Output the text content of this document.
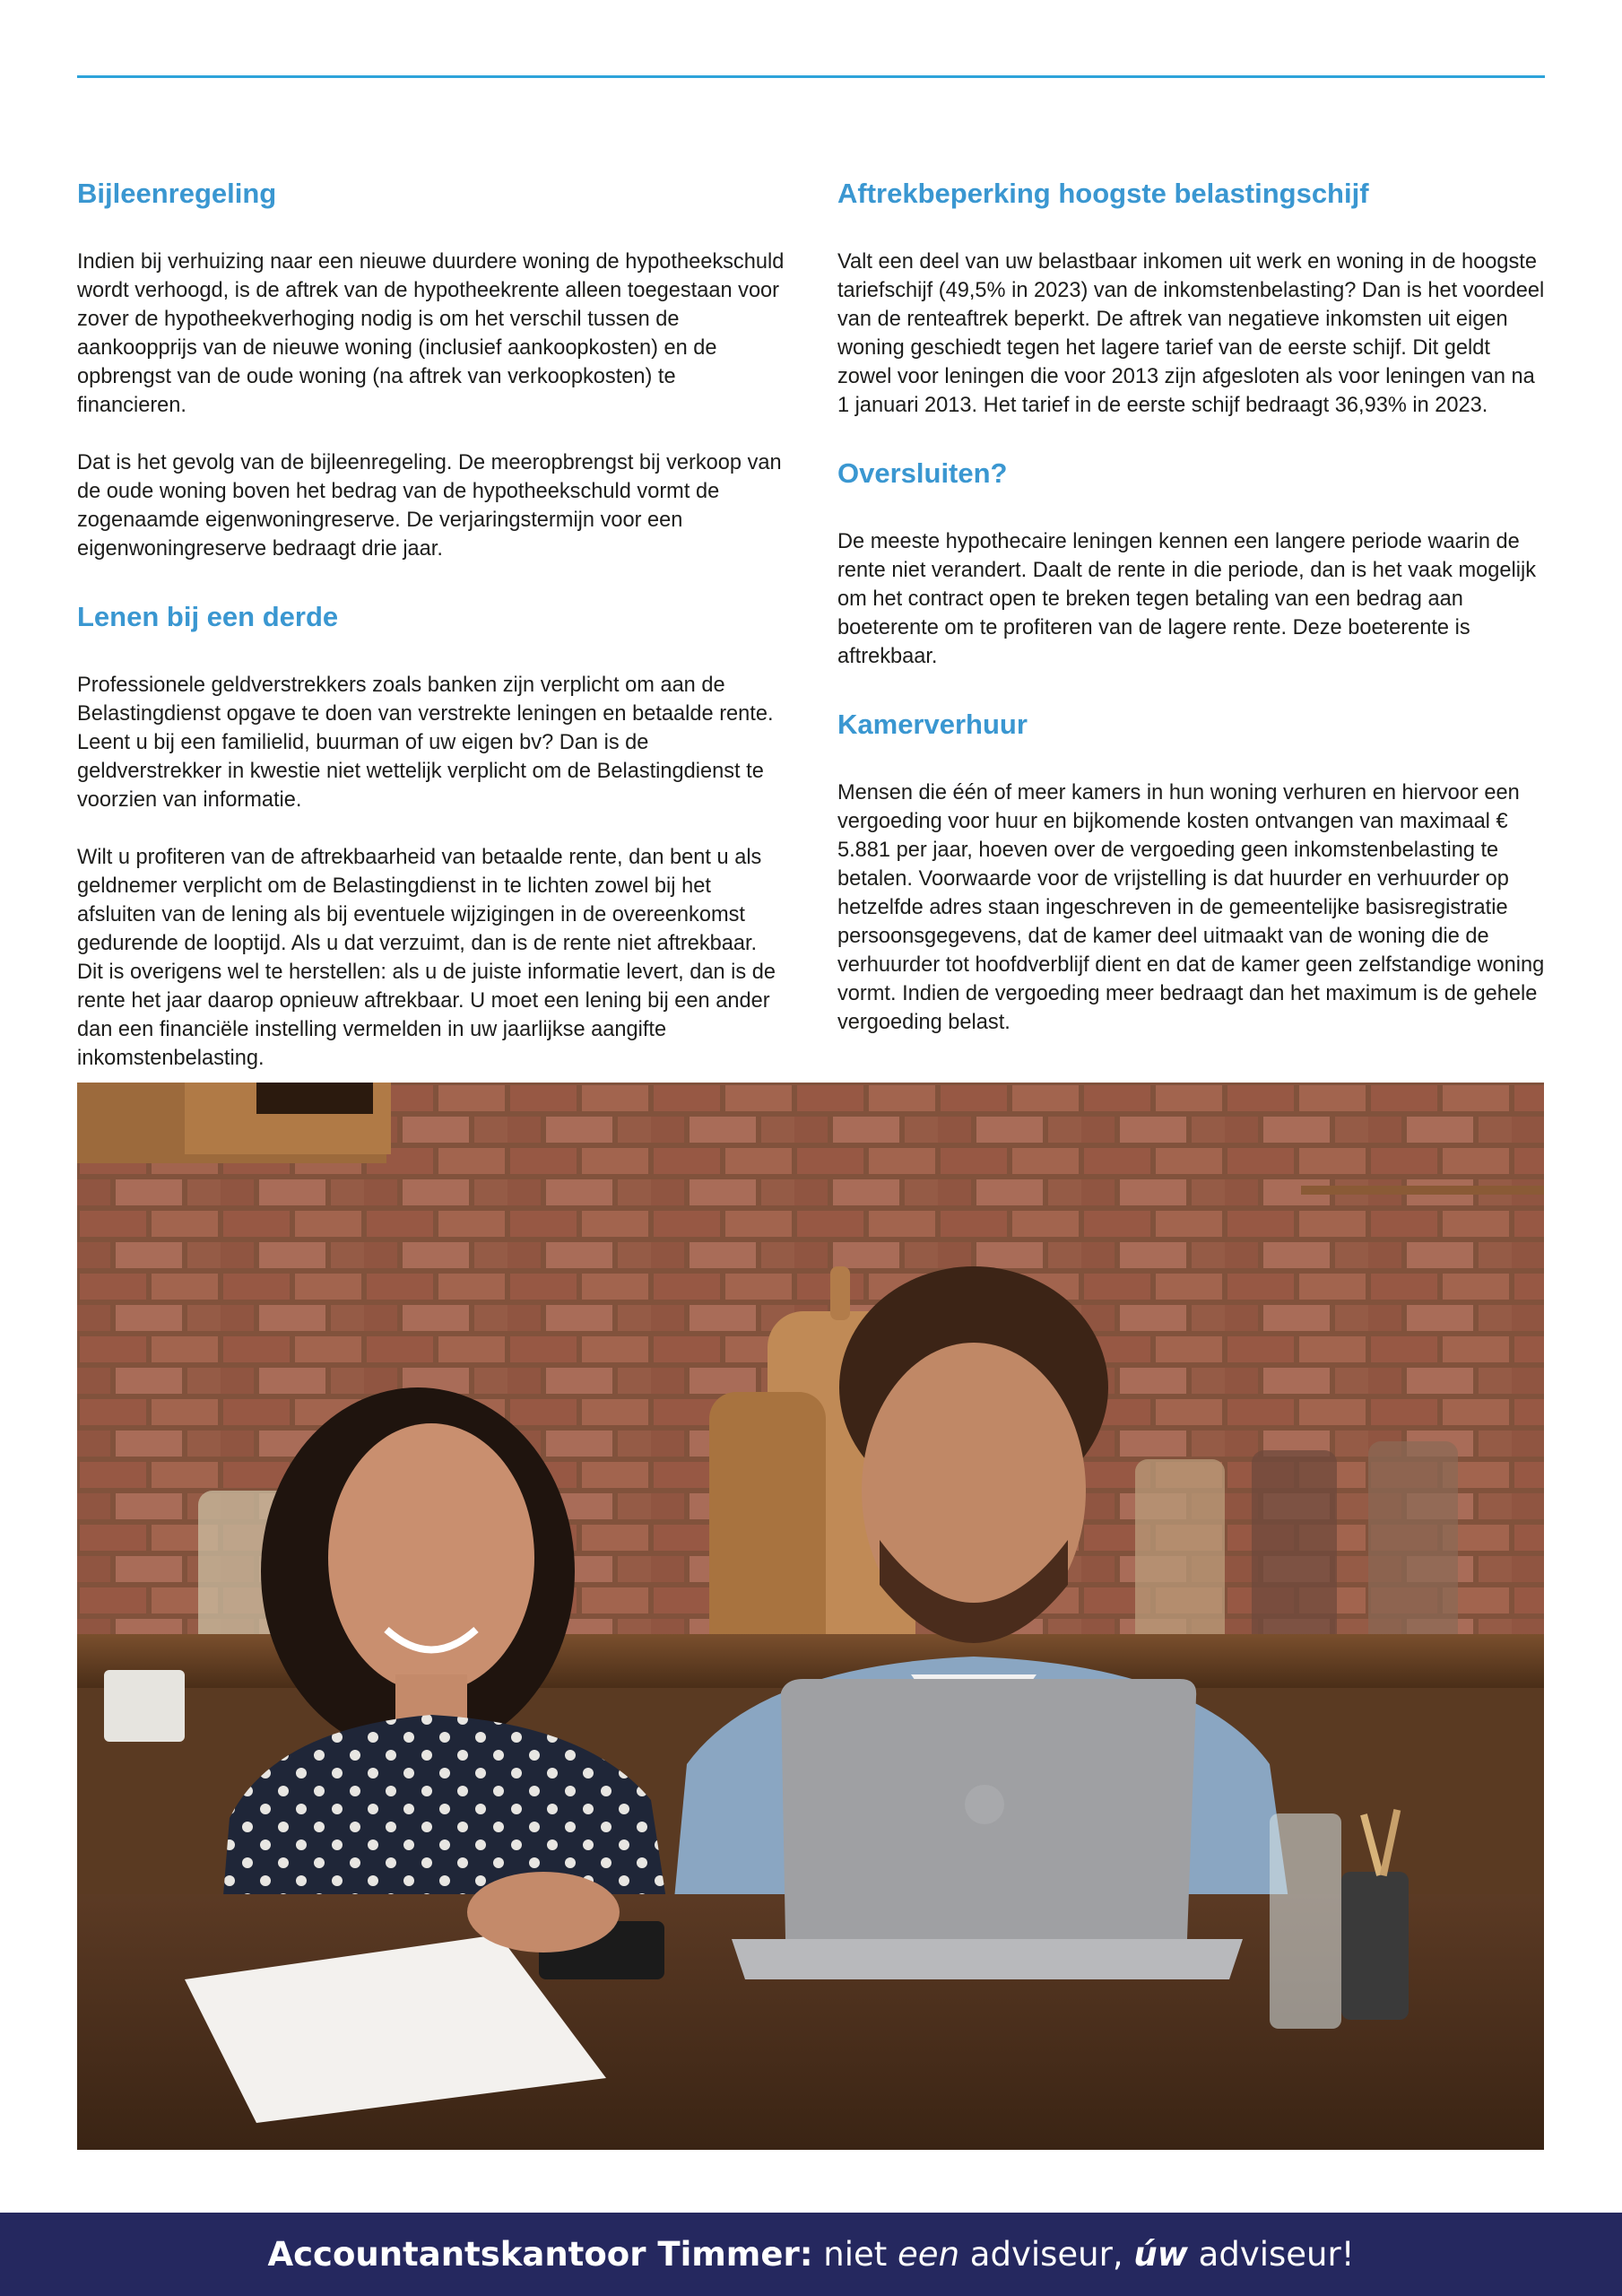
Bijleenregeling

Indien bij verhuizing naar een nieuwe duurdere woning de hypotheekschuld wordt verhoogd, is de aftrek van de hypotheekrente alleen toegestaan voor zover de hypotheekverhoging nodig is om het verschil tussen de aankoopprijs van de nieuwe woning (inclusief aankoopkosten) en de opbrengst van de oude woning (na aftrek van verkoopkosten) te financieren.

Dat is het gevolg van de bijleenregeling. De meeropbrengst bij verkoop van de oude woning boven het bedrag van de hypotheekschuld vormt de zogenaamde eigenwoningreserve. De verjaringstermijn voor een eigenwoningreserve bedraagt drie jaar.

Lenen bij een derde

Professionele geldverstrekkers zoals banken zijn verplicht om aan de Belastingdienst opgave te doen van verstrekte leningen en betaalde rente. Leent u bij een familielid, buurman of uw eigen bv? Dan is de geldverstrekker in kwestie niet wettelijk verplicht om de Belastingdienst te voorzien van informatie.

Wilt u profiteren van de aftrekbaarheid van betaalde rente, dan bent u als geldnemer verplicht om de Belastingdienst in te lichten zowel bij het afsluiten van de lening als bij eventuele wijzigingen in de overeenkomst gedurende de looptijd. Als u dat verzuimt, dan is de rente niet aftrekbaar. Dit is overigens wel te herstellen: als u de juiste informatie levert, dan is de rente het jaar daarop opnieuw aftrekbaar. U moet een lening bij een ander dan een financiële instelling vermelden in uw jaarlijkse aangifte inkomstenbelasting.

Aftrekbeperking hoogste belastingschijf

Valt een deel van uw belastbaar inkomen uit werk en woning in de hoogste tariefschijf (49,5% in 2023) van de inkomstenbelasting? Dan is het voordeel van de renteaftrek beperkt. De aftrek van negatieve inkomsten uit eigen woning geschiedt tegen het lagere tarief van de eerste schijf. Dit geldt zowel voor leningen die voor 2013 zijn afgesloten als voor leningen van na 1 januari 2013. Het tarief in de eerste schijf bedraagt 36,93% in 2023.

Oversluiten?

De meeste hypothecaire leningen kennen een langere periode waarin de rente niet verandert. Daalt de rente in die periode, dan is het vaak mogelijk om het contract open te breken tegen betaling van een bedrag aan boeterente om te profiteren van de lagere rente. Deze boeterente is aftrekbaar.

Kamerverhuur

Mensen die één of meer kamers in hun woning verhuren en hiervoor een vergoeding voor huur en bijkomende kosten ontvangen van maximaal € 5.881 per jaar, hoeven over de vergoeding geen inkomstenbelasting te betalen. Voorwaarde voor de vrijstelling is dat huurder en verhuurder op hetzelfde adres staan ingeschreven in de gemeentelijke basisregistratie persoonsgegevens, dat de kamer deel uitmaakt van de woning die de verhuurder tot hoofdverblijf dient en dat de kamer geen zelfstandige woning vormt. Indien de vergoeding meer bedraagt dan het maximum is de gehele vergoeding belast.

Accountantskantoor Timmer:
niet
een
adviseur,
úw
adviseur!
